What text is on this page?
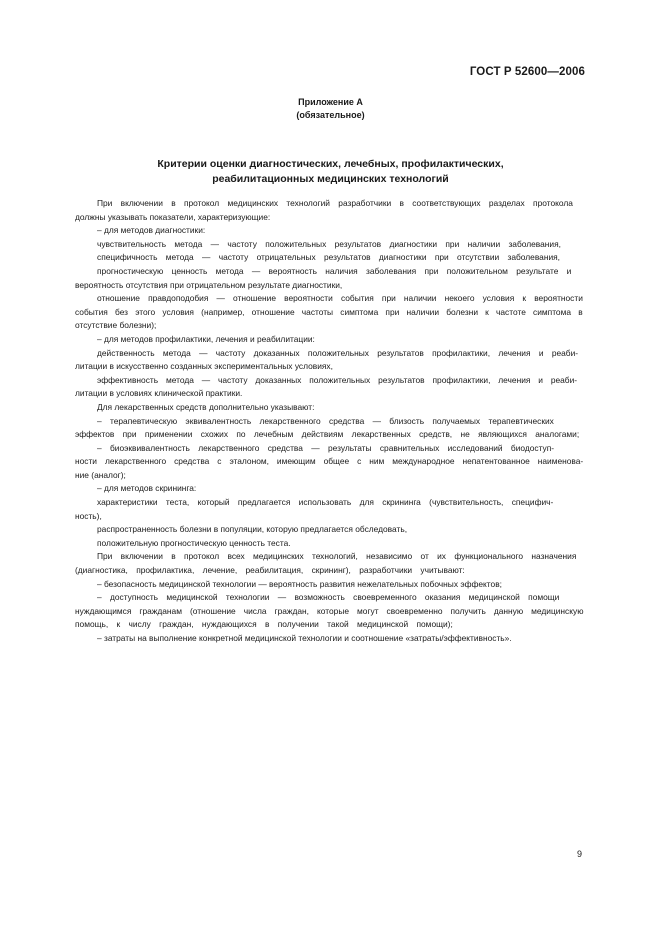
ГОСТ Р 52600—2006
Приложение А
(обязательное)
Критерии оценки диагностических, лечебных, профилактических,
реабилитационных медицинских технологий
При включении в протокол медицинских технологий разработчики в соответствующих разделах протокола
должны указывать показатели, характеризующие:
– для методов диагностики:
чувствительность метода — частоту положительных результатов диагностики при наличии заболевания,
специфичность метода — частоту отрицательных результатов диагностики при отсутствии заболевания,
прогностическую ценность метода — вероятность наличия заболевания при положительном результате и
вероятность отсутствия при отрицательном результате диагностики,
отношение правдоподобия — отношение вероятности события при наличии некоего условия к вероятности
события без этого условия (например, отношение частоты симптома при наличии болезни к частоте симптома в
отсутствие болезни);
– для методов профилактики, лечения и реабилитации:
действенность метода — частоту доказанных положительных результатов профилактики, лечения и реаби-
литации в искусственно созданных экспериментальных условиях,
эффективность метода — частоту доказанных положительных результатов профилактики, лечения и реаби-
литации в условиях клинической практики.
Для лекарственных средств дополнительно указывают:
– терапевтическую эквивалентность лекарственного средства — близость получаемых терапевтических
эффектов при применении схожих по лечебным действиям лекарственных средств, не являющихся аналогами;
– биоэквивалентность лекарственного средства — результаты сравнительных исследований биодоступ-
ности лекарственного средства с эталоном, имеющим общее с ним международное непатентованное наименова-
ние (аналог);
– для методов скрининга:
характеристики теста, который предлагается использовать для скрининга (чувствительность, специфич-
ность),
распространенность болезни в популяции, которую предлагается обследовать,
положительную прогностическую ценность теста.
При включении в протокол всех медицинских технологий, независимо от их функционального назначения
(диагностика, профилактика, лечение, реабилитация, скрининг), разработчики учитывают:
– безопасность медицинской технологии — вероятность развития нежелательных побочных эффектов;
– доступность медицинской технологии — возможность своевременного оказания медицинской помощи
нуждающимся гражданам (отношение числа граждан, которые могут своевременно получить данную медицинскую
помощь, к числу граждан, нуждающихся в получении такой медицинской помощи);
– затраты на выполнение конкретной медицинской технологии и соотношение «затраты/эффективность».
9
